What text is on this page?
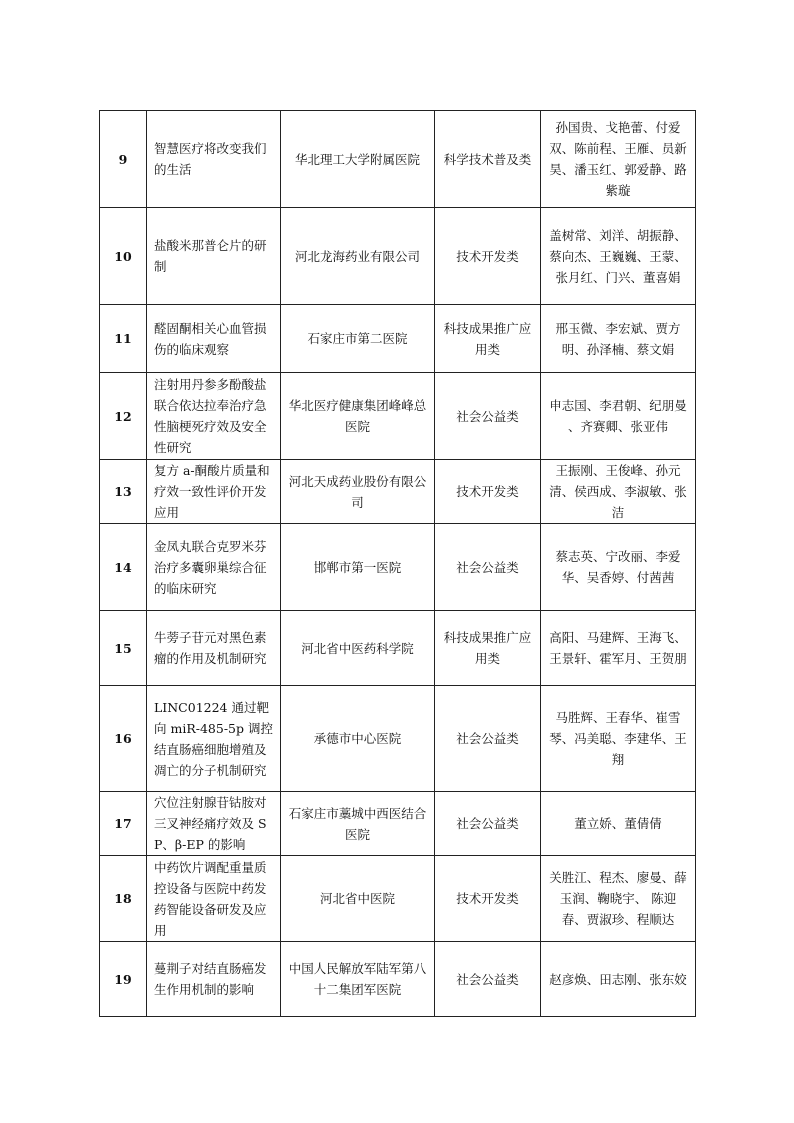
9	智慧医疗将改变我们的生活	华北理工大学附属医院	科学技术普及类	孙国贵、戈艳蕾、付爱双、陈前程、王雁、员新昊、潘玉红、郭爱静、路紫璇
10	盐酸米那普仑片的研制	河北龙海药业有限公司	技术开发类	盖树常、刘洋、胡振静、蔡向杰、王巍巍、王蒙、张月红、门兴、董喜娟
11	醛固酮相关心血管损伤的临床观察	石家庄市第二医院	科技成果推广应用类	邢玉微、李宏斌、贾方明、孙泽楠、蔡文娟
12	注射用丹参多酚酸盐联合依达拉奉治疗急性脑梗死疗效及安全性研究	华北医疗健康集团峰峰总医院	社会公益类	申志国、李君朝、纪朋曼 、齐赛卿、张亚伟
13	复方 a-酮酸片质量和疗效一致性评价开发应用	河北天成药业股份有限公司	技术开发类	王振刚、王俊峰、孙元清、侯西成、李淑敏、张洁
14	金凤丸联合克罗米芬治疗多囊卵巢综合征的临床研究	邯郸市第一医院	社会公益类	蔡志英、宁改丽、李爱华、吴香婷、付茜茜
15	牛蒡子苷元对黑色素瘤的作用及机制研究	河北省中医药科学院	科技成果推广应用类	高阳、马建辉、王海飞、王景轩、霍军月、王贺朋
16	LINC01224 通过靶向 miR-485-5p 调控结直肠癌细胞增殖及凋亡的分子机制研究	承德市中心医院	社会公益类	马胜辉、王春华、崔雪琴、冯美聪、李建华、王翔
17	穴位注射腺苷钴胺对三叉神经痛疗效及 SP、β-EP 的影响	石家庄市藁城中西医结合医院	社会公益类	董立娇、董倩倩
18	中药饮片调配重量质控设备与医院中药发药智能设备研发及应用	河北省中医院	技术开发类	关胜江、程杰、廖曼、薛玉润、鞠晓宇、 陈迎春、贾淑珍、程顺达
19	蔓荆子对结直肠癌发生作用机制的影响	中国人民解放军陆军第八十二集团军医院	社会公益类	赵彦焕、田志刚、张东姣
